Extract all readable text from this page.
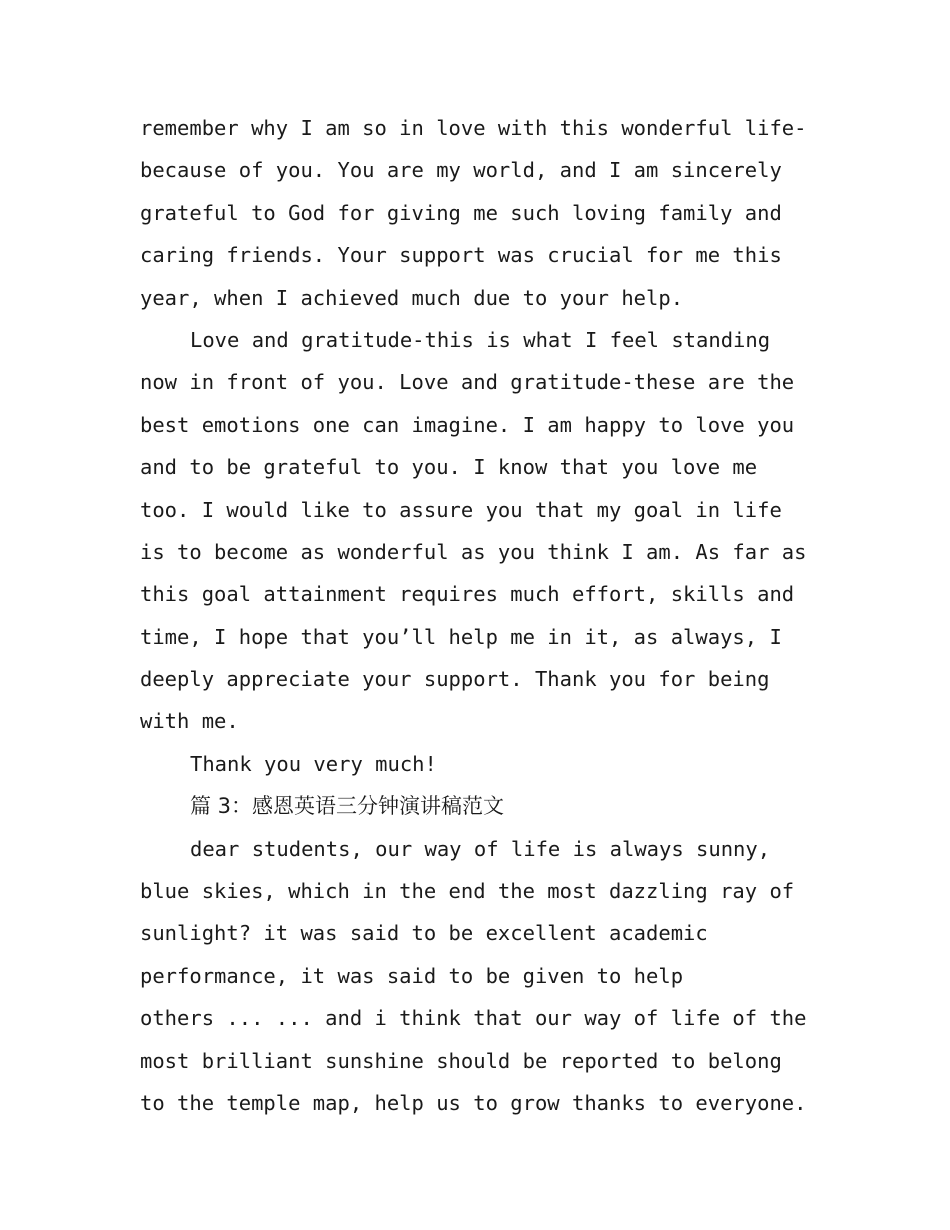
remember why I am so in love with this wonderful life-
because of you. You are my world, and I am sincerely
grateful to God for giving me such loving family and
caring friends. Your support was crucial for me this
year, when I achieved much due to your help.
Love and gratitude-this is what I feel standing
now in front of you. Love and gratitude-these are the
best emotions one can imagine. I am happy to love you
and to be grateful to you. I know that you love me
too. I would like to assure you that my goal in life
is to become as wonderful as you think I am. As far as
this goal attainment requires much effort, skills and
time, I hope that you’ll help me in it, as always, I
deeply appreciate your support. Thank you for being
with me.
Thank you very much!
篇 3：感恩英语三分钟演讲稿范文
dear students, our way of life is always sunny,
blue skies, which in the end the most dazzling ray of
sunlight? it was said to be excellent academic
performance, it was said to be given to help
others ... ... and i think that our way of life of the
most brilliant sunshine should be reported to belong
to the temple map, help us to grow thanks to everyone.
